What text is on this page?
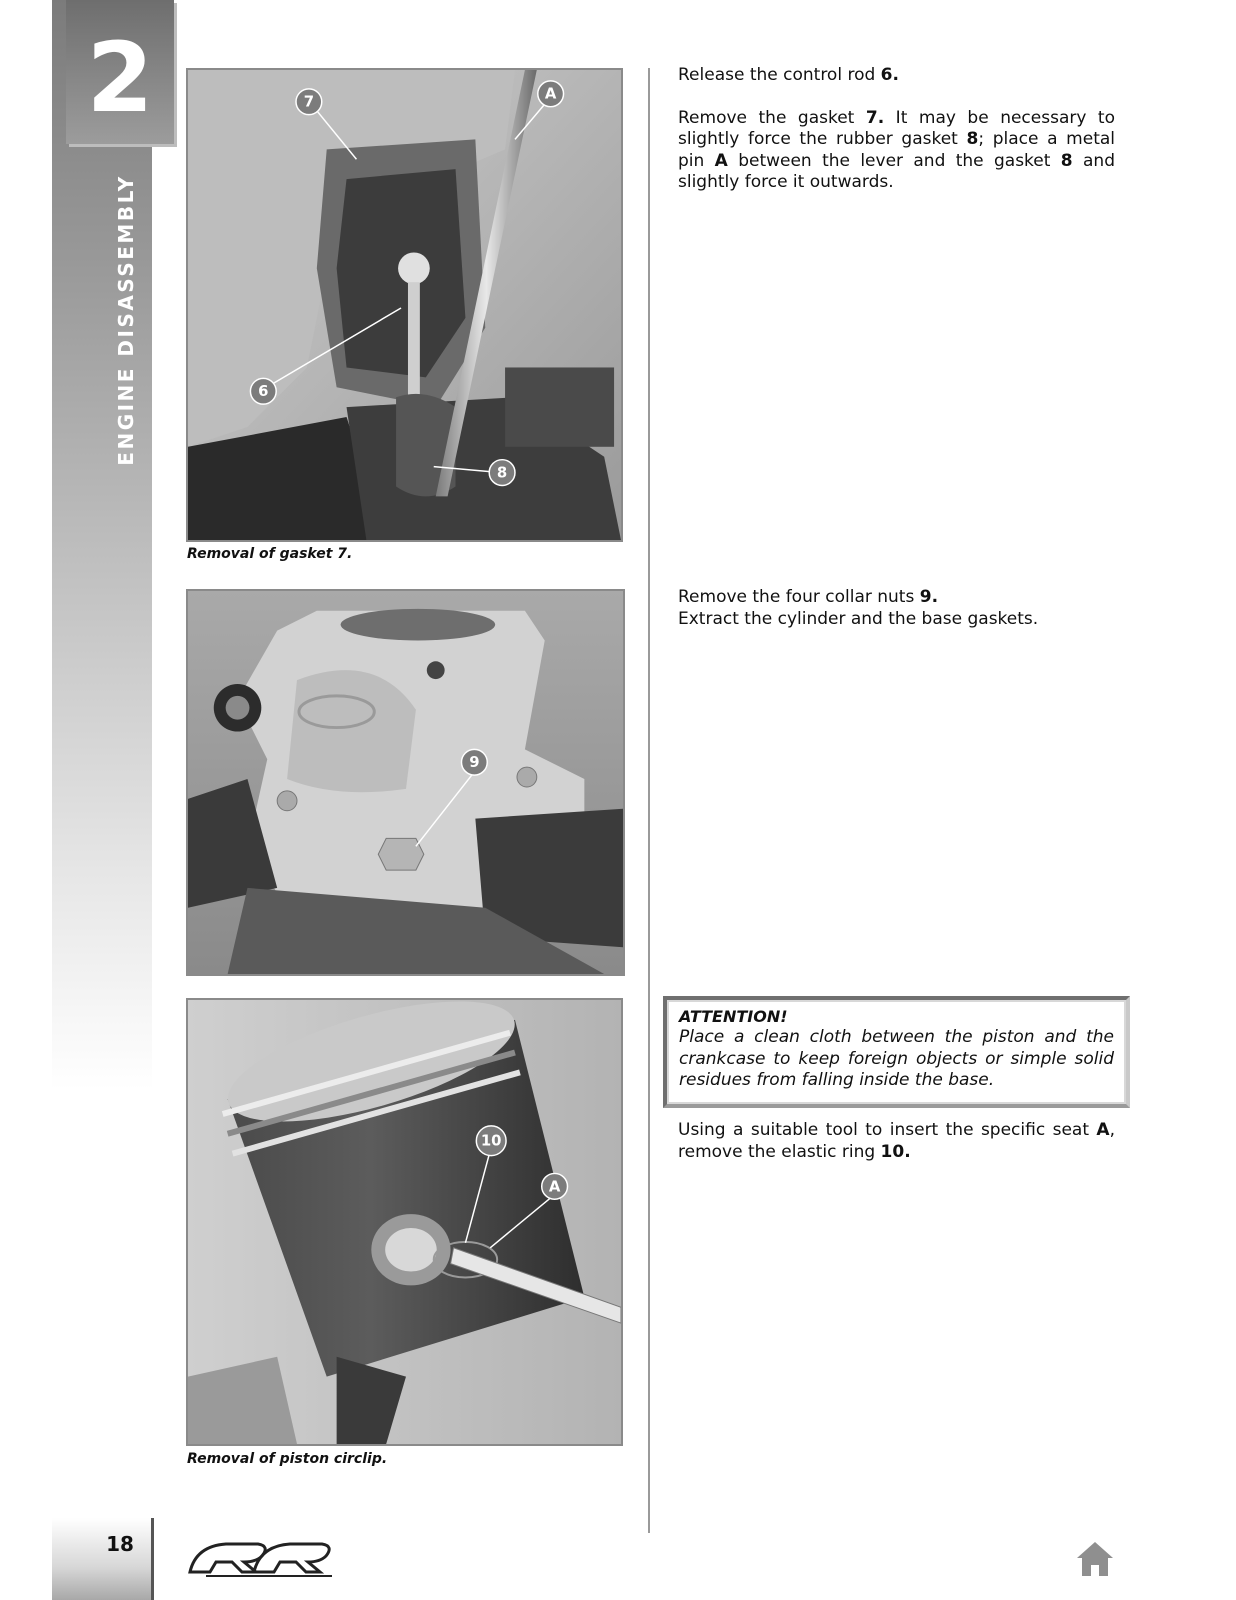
2
ENGINE DISASSEMBLY
7	A
6
8
Removal of gasket 7.
9
10
A
Removal of piston circlip.

Release the control rod 6.

Remove the gasket 7. It may be necessary to slightly force the rubber gasket 8; place a metal pin A between the lever and the gasket 8 and slightly force it outwards.

Remove the four collar nuts 9.
Extract the cylinder and the base gaskets.
ATTENTION!
Place a clean cloth between the piston and the crankcase to keep foreign objects or simple solid residues from falling inside the base.

Using a suitable tool to insert the specific seat A, remove the elastic ring 10.

18
